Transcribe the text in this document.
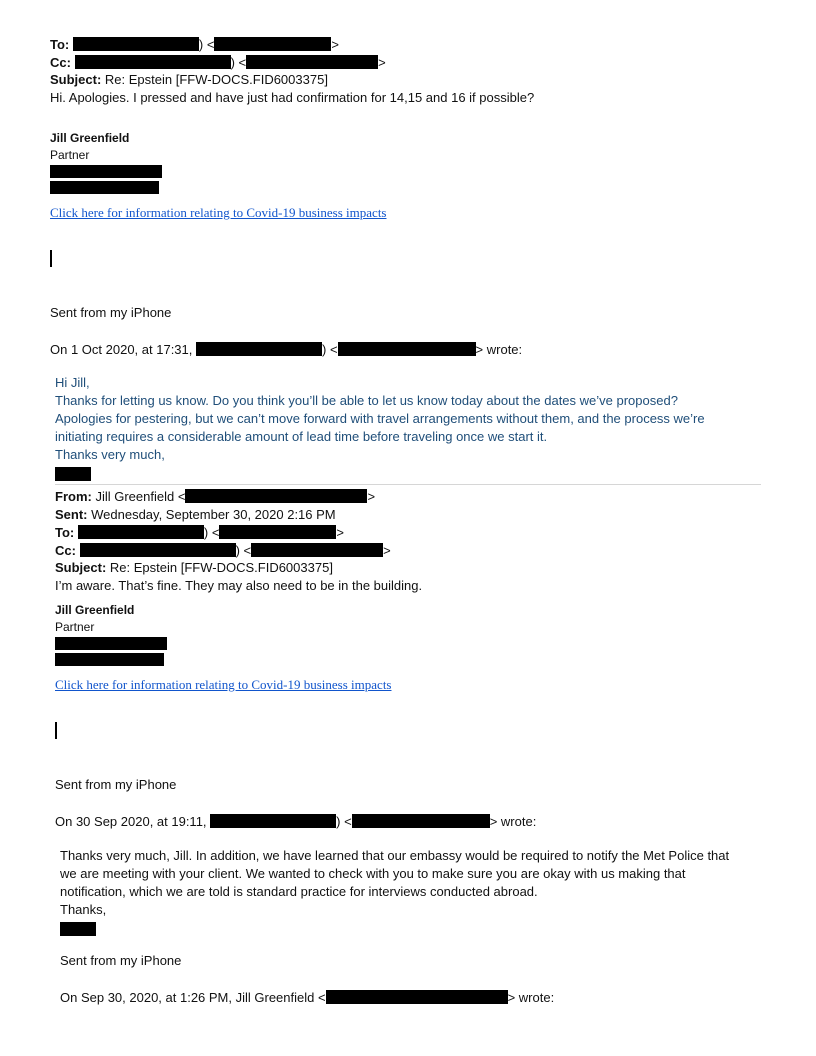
To:	) <	>
Cc:	) <	>
Subject: Re: Epstein [FFW-DOCS.FID6003375]
Hi. Apologies. I pressed and have just had confirmation for 14,15 and 16 if possible?
Jill Greenfield
Partner
Click here for information relating to Covid-19 business impacts
Sent from my iPhone
On 1 Oct 2020, at 17:31,	) <	> wrote:
Hi Jill,
Thanks for letting us know. Do you think you’ll be able to let us know today about the dates we’ve proposed?
Apologies for pestering, but we can’t move forward with travel arrangements without them, and the process we’re
initiating requires a considerable amount of lead time before traveling once we start it.
Thanks very much,
From: Jill Greenfield <	>
Sent: Wednesday, September 30, 2020 2:16 PM
To:	) <	>
Cc:	) <	>
Subject: Re: Epstein [FFW-DOCS.FID6003375]
I’m aware. That’s fine. They may also need to be in the building.
Jill Greenfield
Partner
Click here for information relating to Covid-19 business impacts
Sent from my iPhone
On 30 Sep 2020, at 19:11,	) <	> wrote:
Thanks very much, Jill. In addition, we have learned that our embassy would be required to notify the Met Police that
we are meeting with your client. We wanted to check with you to make sure you are okay with us making that
notification, which we are told is standard practice for interviews conducted abroad.
Thanks,
Sent from my iPhone
On Sep 30, 2020, at 1:26 PM, Jill Greenfield <	> wrote:
